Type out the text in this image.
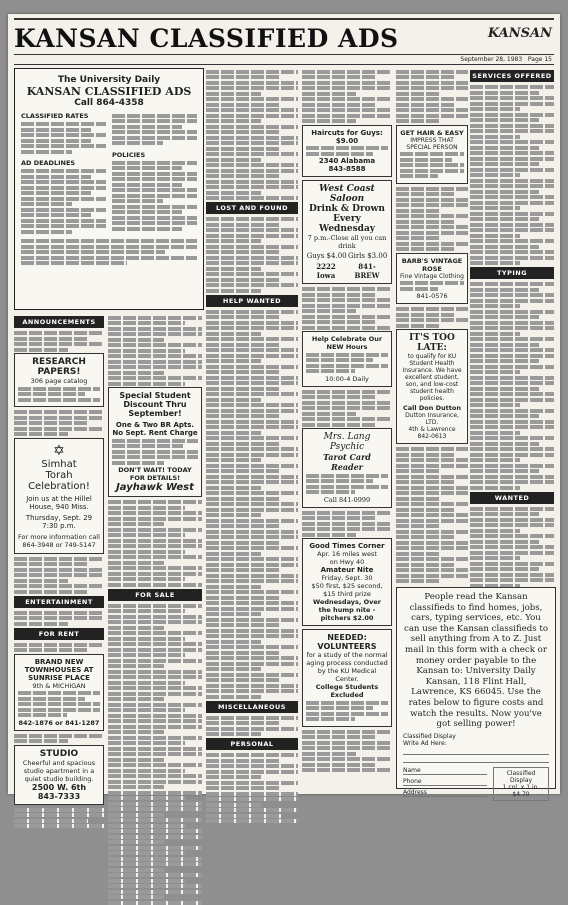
KANSAN CLASSIFIED ADS	KANSAN
September 28, 1983 Page 15
The University Daily
KANSAN CLASSIFIED ADS
Call 864-4358
CLASSIFIED RATES
AD DEADLINES
POLICIES
ANNOUNCEMENTS
RESEARCH PAPERS!
306 page catalog
✡
Simhat
Torah
Celebration!
Join us at the Hillel House, 940 Miss.
Thursday, Sept. 29
7:30 p.m.
For more information call 864-3948 or 749-5147
ENTERTAINMENT
FOR RENT
BRAND NEW
TOWNHOUSES AT
SUNRISE PLACE
9th & MICHIGAN
842-1876 or 841-1287
STUDIO
Cheerful and spacious studio apartment in a quiet studio building.
2500 W. 6th
843-7333
Special Student Discount Thru September!
One & Two BR Apts. No Sept. Rent Charge
DON'T WAIT! TODAY FOR DETAILS!
Jayhawk West
FOR SALE
LOST AND FOUND
HELP WANTED
MISCELLANEOUS
PERSONAL
Haircuts for Guys: $9.00
2340 Alabama
843-8588
West Coast Saloon
Drink & Drown
Every Wednesday
7 p.m.-Close all you can drink
Guys $4.00 Girls $3.00
2222 Iowa
841-BREW
Help Celebrate Our NEW Hours
10:00-4 Daily
Mrs. Lang
Psychic
Tarot Card Reader
Call 841-0999
Good Times Corner
Apr. 16 miles west
on Hwy 40
Amateur Nite
Friday, Sept. 30
$50 first, $25 second,
$15 third prize
Wednesdays, Over the hump nite - pitchers $2.00
NEEDED:
VOLUNTEERS
for a study of the normal aging process conducted by the KU Medical Center.
College Students Excluded
GET HAIR & EASY
IMPRESS THAT SPECIAL PERSON
BARB'S VINTAGE ROSE
Fine Vintage Clothing
841-0576
IT'S TOO LATE:
to qualify for KU Student Health Insurance. We have excellent student, son, and low-cost student health policies.
Call Don Dutton
Dutton Insurance, LTD.
4th & Lawrence
842-0613
SERVICES OFFERED
TYPING
WANTED
People read the Kansan classifieds to find homes, jobs, cars, typing services, etc. You can use the Kansan classifieds to sell anything from A to Z. Just mail in this form with a check or money order payable to the Kansan to: University Daily Kansan, 118 Flint Hall, Lawrence, KS 66045. Use the rates below to figure costs and watch the results. Now you've got selling power!
Classified Display
Write Ad Here:
Name
Phone
Address
Classified Display
1 col. x 1 in. $4.70
